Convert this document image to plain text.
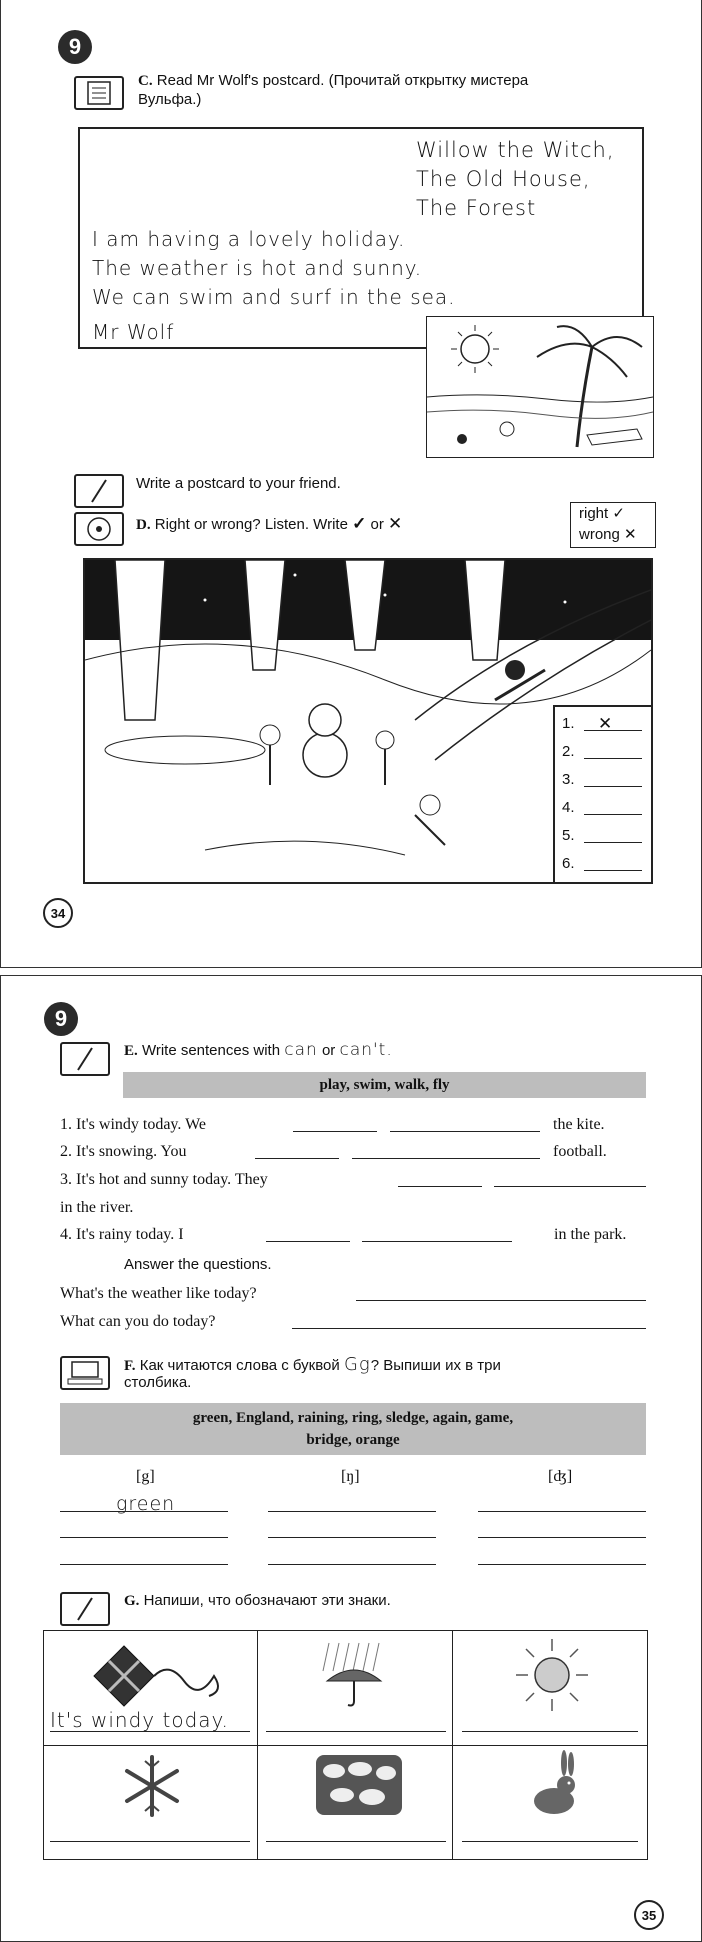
9
C. Read Mr Wolf's postcard. (Прочитай открытку мистера
Вульфа.)
Willow the Witch,
The Old House,
The Forest
I am having a lovely holiday.
The weather is hot and sunny.
We can swim and surf in the sea.
Mr Wolf
Write a postcard to your friend.
D. Right or wrong? Listen. Write ✓ or ✕
right ✓
wrong ✕
1. ✕
2.
3.
4.
5.
6.
34
9
E. Write sentences with can or can't.
play, swim, walk, fly
1. It's windy today. We	the kite.
2. It's snowing. You	football.
3. It's hot and sunny today. They
in the river.
4. It's rainy today. I	in the park.
Answer the questions.
What's the weather like today?
What can you do today?
F. Как читаются слова с буквой Gg? Выпиши их в три
столбика.
green, England, raining, ring, sledge, again, game,
bridge, orange
[g]	[ŋ]	[ʤ]
green
G. Напиши, что обозначают эти знаки.
It's windy today.
35
